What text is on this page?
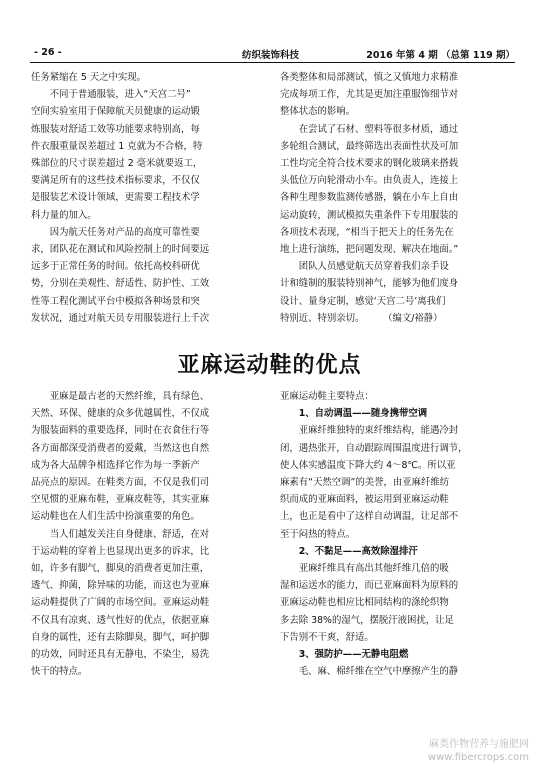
- 26 -	纺织装饰科技	2016 年第 4 期 （总第 119 期）

任务紧缩在 5 天之中实现。

　　不同于普通服装，进入“天宫二号”

空间实验室用于保障航天员健康的运动锻

炼服装对舒适工效等功能要求特别高，每

件衣服重量误差超过 1 克就为不合格，特

殊部位的尺寸误差超过 2 毫米就要返工，

要满足所有的这些技术指标要求，不仅仅

是服装艺术设计领域，更需要工程技术学

科力量的加入。

　　因为航天任务对产品的高度可靠性要

求，团队花在测试和风险控制上的时间要远

远多于正常任务的时间。依托高校科研优

势，分别在美观性、舒适性、防护性、工效

性等工程化测试平台中模拟各种场景和突

发状况，通过对航天员专用服装进行上千次

各类整体和局部测试，慎之又慎地力求精准

完成每项工作，尤其是更加注重服饰细节对

整体状态的影响。

　　在尝试了石材、塑料等很多材质，通过

多轮组合测试，最终筛选出表面性状及可加

工性均完全符合技术要求的钢化玻璃来搭载

头低位万向轮滑动小车。由负责人，连接上

各种生理参数监测传感器，躺在小车上自由

运动旋转，测试模拟失重条件下专用服装的

各项技术表现，“相当于把天上的任务先在

地上进行演练，把问题发现、解决在地面。”

　　团队人员感觉航天员穿着我们亲手设

计和缝制的服装特别神气，能够为他们度身

设计、量身定制，感觉‘天宫二号’离我们

特别近、特别亲切。　　　（编文/裕静）

亚麻运动鞋的优点

　　亚麻是最古老的天然纤维，具有绿色、

天然、环保、健康的众多优越属性，不仅成

为服装面料的重要选择，同时在衣食住行等

各方面都深受消费者的爱戴，当然这也自然

成为各大品牌争相选择它作为每一季新产

品亮点的原因。在鞋类方面，不仅是我们司

空见惯的亚麻布鞋，亚麻皮鞋等，其实亚麻

运动鞋也在人们生活中扮演重要的角色。

　　当人们越发关注自身健康、舒适，在对

于运动鞋的穿着上也显现出更多的诉求，比

如，许多有脚气，脚臭的消费者更加注重，

透气、抑菌，除异味的功能，而这也为亚麻

运动鞋提供了广阔的市场空间。亚麻运动鞋

不仅具有凉爽、透气性好的优点，依据亚麻

自身的属性，还有去除脚臭，脚气，呵护脚

的功效，同时还具有无静电，不染尘，易洗

快干的特点。

亚麻运动鞋主要特点：

　　1、自动调温——随身携带空调

　　亚麻纤维独特的束纤维结构，能遇冷封

闭，遇热张开，自动跟踪周围温度进行调节，

使人体实感温度下降大约 4～8℃。所以亚

麻素有“天然空调”的美誉，由亚麻纤维纺

织而成的亚麻面料，被运用到亚麻运动鞋

上，也正是看中了这样自动调温，让足部不

至于闷热的特点。

　　2、不黏足——高效除湿排汗

　　亚麻纤维具有高出其他纤维几倍的吸

湿和运送水的能力，而已亚麻面料为原料的

亚麻运动鞋也相应比相同结构的涤纶织物

多去除 38%的湿气，摆脱汗液困扰，让足

下告别不干爽，舒适。

　　3、强防护——无静电阻燃

　　毛、麻、棉纤维在空气中摩擦产生的静

麻类作物营养与施肥网
www.fibercrops.com
